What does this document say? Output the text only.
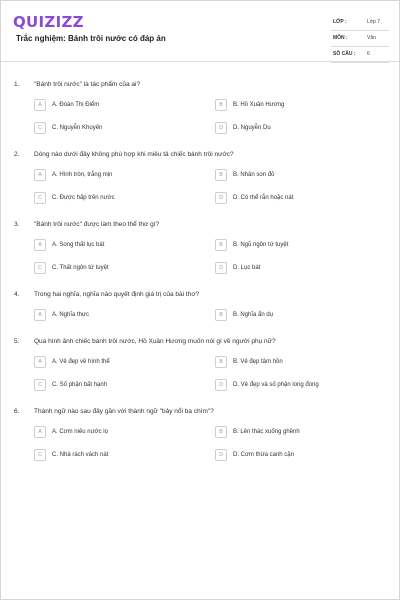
QUIZIZZ
Trắc nghiệm: Bánh trôi nước có đáp án
LỚP :	Lớp 7
MÔN :	Văn
SỐ CÂU : 6
1. "Bánh trôi nước" là tác phẩm của ai?
A	A. Đoàn Thị Điểm	B	B. Hồ Xuân Hương
C	C. Nguyễn Khuyến	D	D. Nguyễn Du
2. Dòng nào dưới đây không phù hợp khi miêu tả chiếc bánh trôi nước?
A	A. Hình tròn, trắng mịn	B	B. Nhân son đỏ
C	C. Được hấp trên nước	D	D. Có thể rắn hoặc nát
3. "Bánh trôi nước" được làm theo thể thơ gì?
A	A. Song thất lục bát	B	B. Ngũ ngôn tứ tuyệt
C	C. Thất ngôn tứ tuyệt	D	D. Lục bát
4. Trong hai nghĩa, nghĩa nào quyết định giá trị của bài thơ?
A	A. Nghĩa thực	B	B. Nghĩa ẩn dụ
5. Qua hình ảnh chiếc bánh trôi nước, Hồ Xuân Hương muốn nói gì về người phụ nữ?
A	A. Vẻ đẹp về hình thể	B	B. Vẻ đẹp tâm hồn
C	C. Số phận bất hạnh	D	D. Vẻ đẹp và số phận long đong
6. Thành ngữ nào sau đây gần với thành ngữ "bảy nổi ba chìm"?
A	A. Cơm niêu nước lọ	B	B. Lên thác xuống ghềnh
C	C. Nhà rách vách nát	D	D. Cơm thừa canh cặn
